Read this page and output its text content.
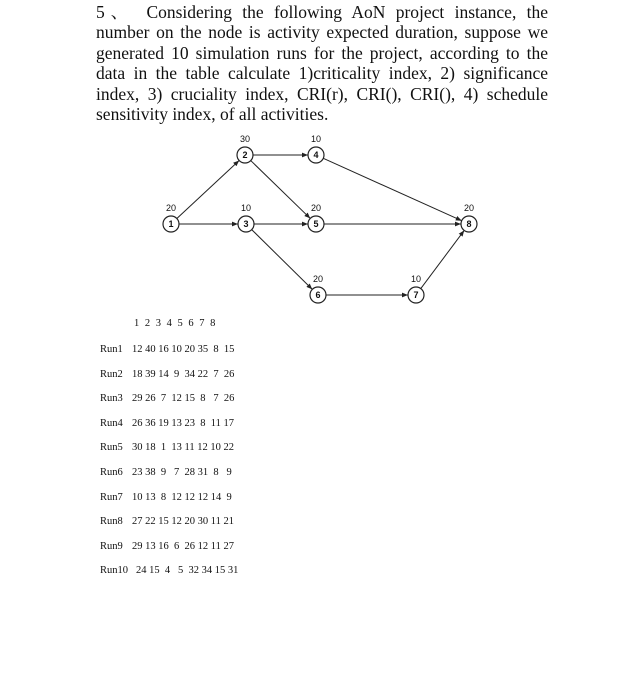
5、 Considering the following AoN project instance, the number on the node is activity expected duration, suppose we generated 10 simulation runs for the project, according to the data in the table calculate 1)criticality index, 2) significance index, 3) cruciality index, CRI(r), CRI(), CRI(), 4) schedule sensitivity index, of all activities.

1
20
2
30
3
10
4
10
5
20
6
20
7
10
8
20
1 2 3 4 5 6 7 8
Run1 12 40 16 10 20 35  8  15
Run2 18 39 14  9  34 22  7  26
Run3 29 26  7  12 15  8   7  26
Run4 26 36 19 13 23  8  11 17
Run5 30 18  1  13 11 12 10 22
Run6 23 38  9   7  28 31  8   9
Run7 10 13  8  12 12 12 14  9
Run8 27 22 15 12 20 30 11 21
Run9 29 13 16  6  26 12 11 27
Run10 24 15  4   5  32 34 15 31
